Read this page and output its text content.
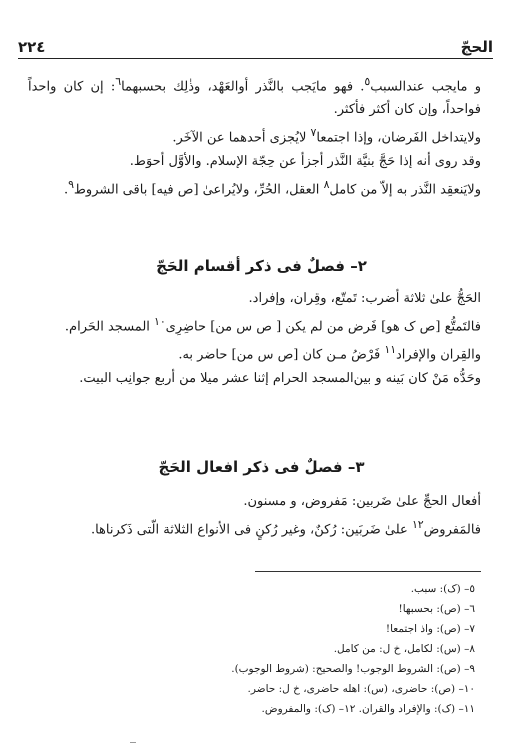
٢٢٤	الحجّ

و مايجب عندالسبب$^٥$. فهو مايَجب بالنَّذر أوالعَهْد، وذٰلِك بحسبهما$^٦$: إن كان واحداً فواحداً، وإن كان أكثر فأكثر.

ولايتداخل الفَرضان، وإذا اجتمعا$^٧$ لايُجزى أحدهما عن الآخَر.

وقد روى أنه إذا حَجَّ بنيَّة النَّذر أجزأ عن حِجّة الإسلام. والأوَّل أحوَط.

ولايَنعقِد النَّذر به إلاّ من كامل$^٨$ العقل، الحُرِّ، ولايُراعىٰ [ص فيه] باقى الشروط$^٩$.

٢– فصلٌ فى ذكر أقسام الحَجّ

الحَجُّ علىٰ ثلاثة أضرب: تَمتّع، وقِران، وإفراد.

فالتَمتُّع [ص ک هو] فَرض من لم يكن [ ص س من] حاضِرِى$^{١٠}$ المسجد الحَرام.

والقِران والإفراد$^{١١}$ فَرْضُ مـن كان [ص س من] حاضر به.

وحَدُّه مَنْ كان بَينه و بين‌المسجد الحرام إثنا عشر ميلا من أربع جوانِب البيت.

٣– فصلٌ فى ذكر افعال الحَجّ

أفعال الحجِّ علىٰ ضَربين: مَفروض، و مسنون.

فالمَفروض$^{١٢}$ علىٰ ضَربَين: رُكنٌ، وغير رُكنٍ فى الأنواع الثلاثة الّتى ذَكرناها.

٥– (ک): سبب.

٦– (ص): بحسبها!

٧– (ص): واذ اجتمعا!

٨– (س): لكامل، خ ل: من كامل.

٩– (ص): الشروط الوجوب! والصحيح: (شروط الوجوب).

١٠– (ص): حاضرى، (س): اهله حاضرى، خ ل: حاضر.

١١– (ک): والإفراد والقران. ١٢– (ک): والمفروض.
